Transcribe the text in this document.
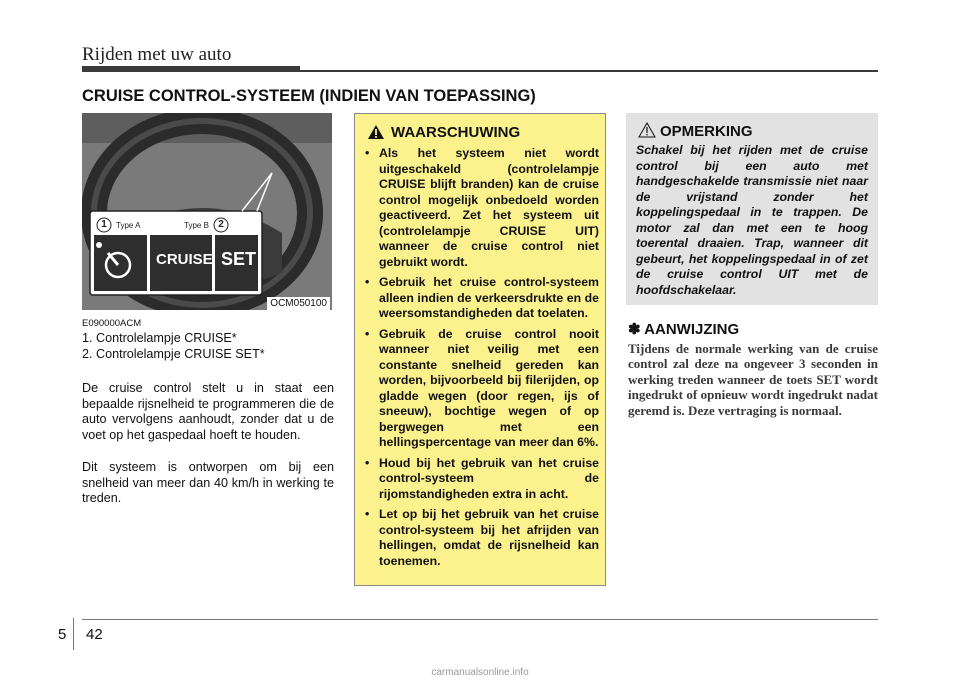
Rijden met uw auto
CRUISE CONTROL-SYSTEEM (INDIEN VAN TOEPASSING)
1 Type A	Type B 2
CRUISE SET
OCM050100
E090000ACM
1. Controlelampje CRUISE*
2. Controlelampje CRUISE SET*
De cruise control stelt u in staat een bepaalde rijsnelheid te programmeren die de auto vervolgens aanhoudt, zonder dat u de voet op het gaspedaal hoeft te houden.
Dit systeem is ontworpen om bij een snelheid van meer dan 40 km/h in werking te treden.
WAARSCHUWING
• Als het systeem niet wordt uitgeschakeld (controlelampje CRUISE blijft branden) kan de cruise control mogelijk onbedoeld worden geactiveerd. Zet het systeem uit (controlelampje CRUISE UIT) wanneer de cruise control niet gebruikt wordt.
• Gebruik het cruise control-systeem alleen indien de verkeersdrukte en de weersomstandigheden dat toelaten.
• Gebruik de cruise control nooit wanneer niet veilig met een constante snelheid gereden kan worden, bijvoorbeeld bij filerijden, op gladde wegen (door regen, ijs of sneeuw), bochtige wegen of op bergwegen met een hellingspercentage van meer dan 6%.
• Houd bij het gebruik van het cruise control-systeem de rijomstandigheden extra in acht.
• Let op bij het gebruik van het cruise control-systeem bij het afrijden van hellingen, omdat de rijsnelheid kan toenemen.
OPMERKING
Schakel bij het rijden met de cruise control bij een auto met handgeschakelde transmissie niet naar de vrijstand zonder het koppelingspedaal in te trappen. De motor zal dan met een te hoog toerental draaien. Trap, wanneer dit gebeurt, het koppelingspedaal in of zet de cruise control UIT met de hoofdschakelaar.
✽ AANWIJZING
Tijdens de normale werking van de cruise control zal deze na ongeveer 3 seconden in werking treden wanneer de toets SET wordt ingedrukt of opnieuw wordt ingedrukt nadat geremd is. Deze vertraging is normaal.
5 42
carmanualsonline.info
